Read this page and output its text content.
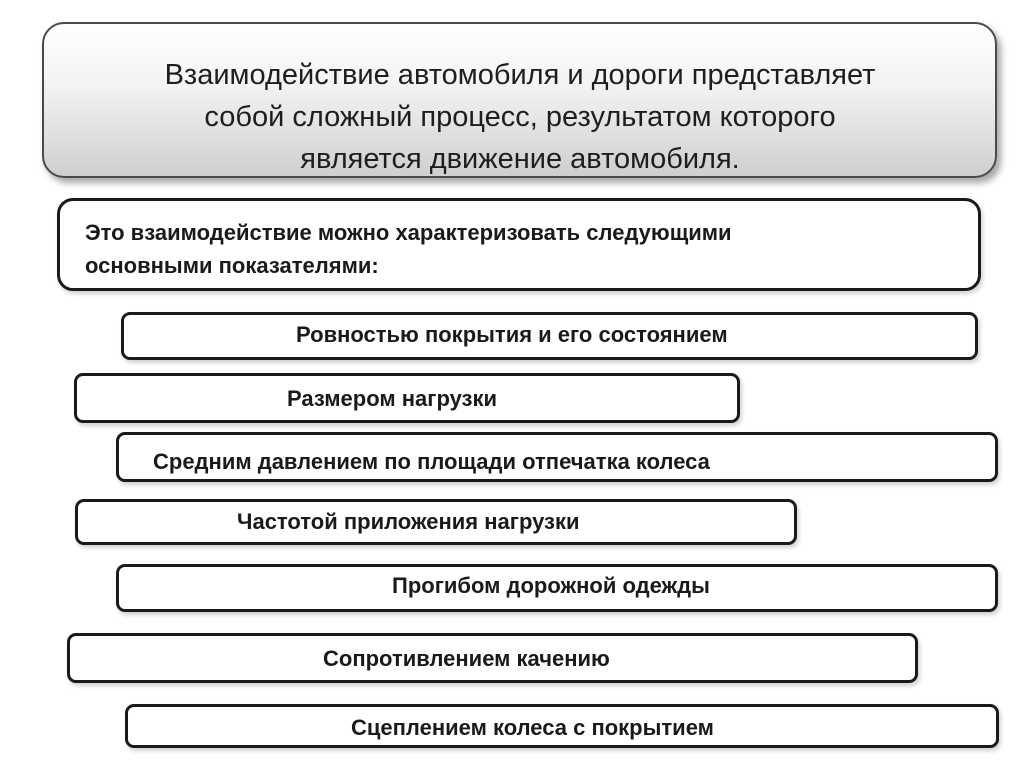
Взаимодействие автомобиля и дороги представляет
собой сложный процесс, результатом которого
является движение автомобиля.
Это взаимодействие можно характеризовать следующими
основными показателями:
Ровностью покрытия и его состоянием
Размером нагрузки
Средним давлением по площади отпечатка колеса
Частотой приложения нагрузки
Прогибом дорожной одежды
Сопротивлением качению
Сцеплением колеса с покрытием
